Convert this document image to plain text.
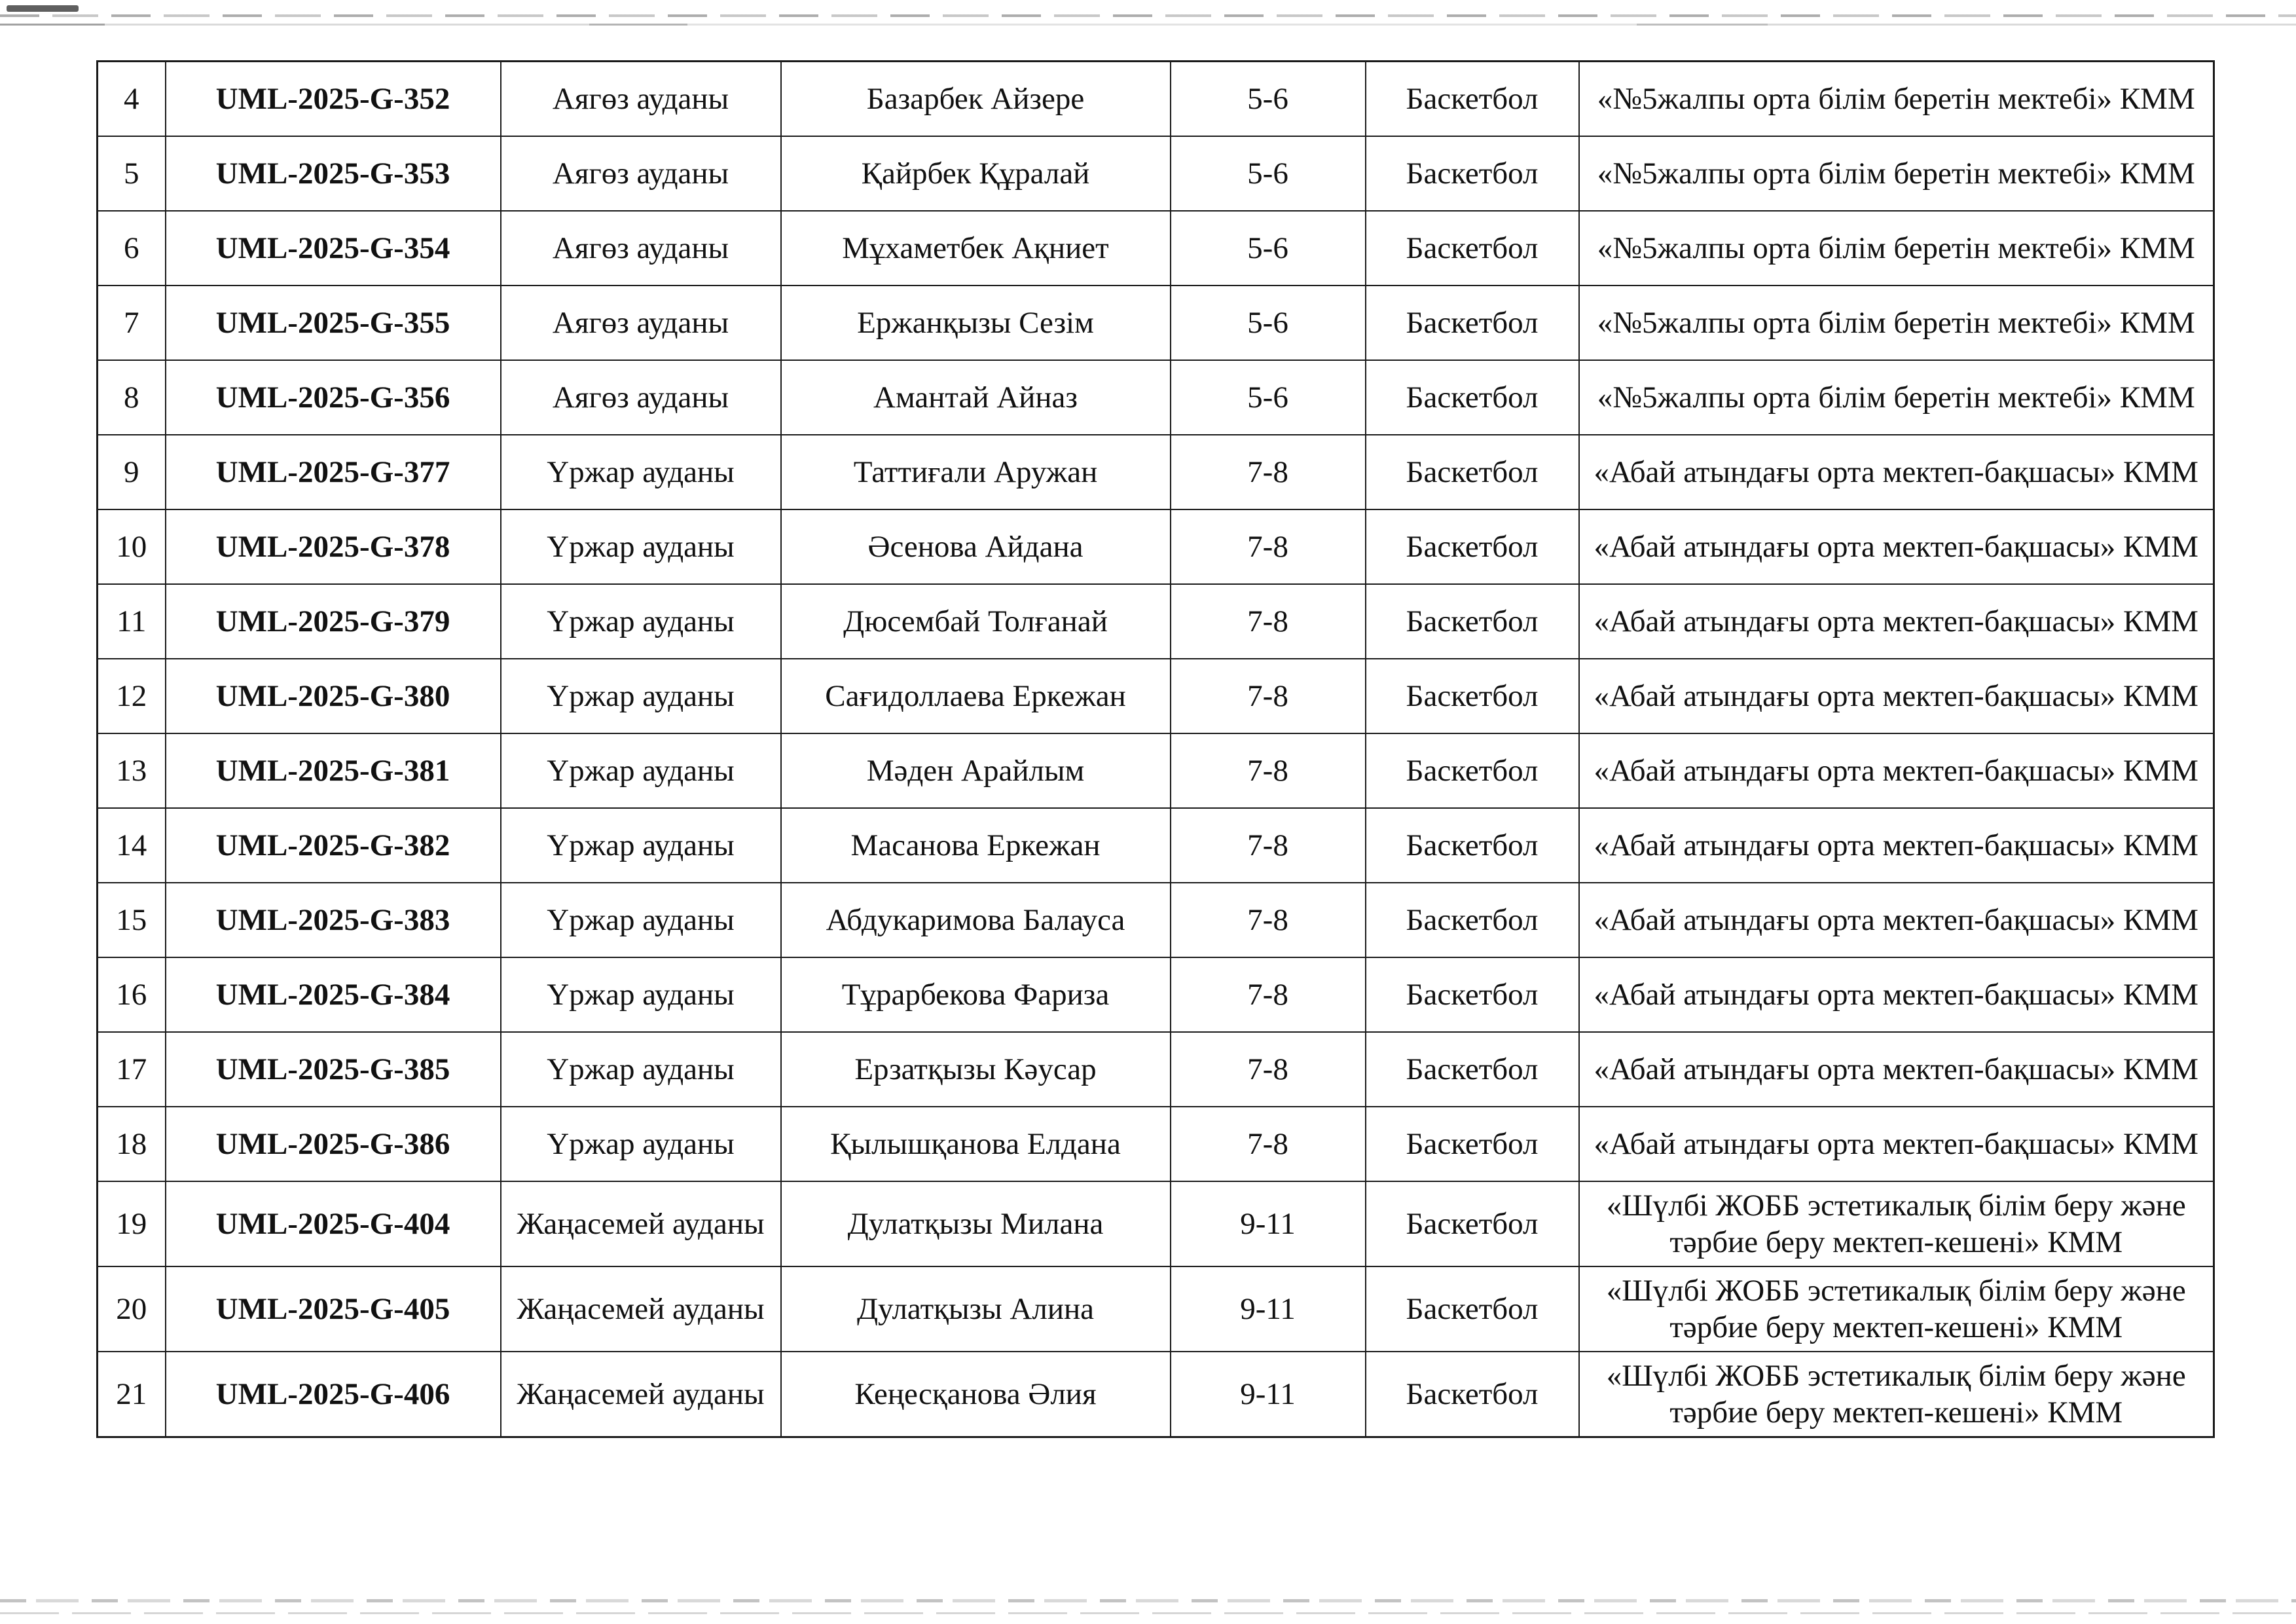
4	UML-2025-G-352	Аягөз ауданы	Базарбек Айзере	5-6	Баскетбол	«№5жалпы орта білім беретін мектебі» КММ
5	UML-2025-G-353	Аягөз ауданы	Қайрбек Құралай	5-6	Баскетбол	«№5жалпы орта білім беретін мектебі» КММ
6	UML-2025-G-354	Аягөз ауданы	Мұхаметбек Ақниет	5-6	Баскетбол	«№5жалпы орта білім беретін мектебі» КММ
7	UML-2025-G-355	Аягөз ауданы	Ержанқызы Сезім	5-6	Баскетбол	«№5жалпы орта білім беретін мектебі» КММ
8	UML-2025-G-356	Аягөз ауданы	Амантай Айназ	5-6	Баскетбол	«№5жалпы орта білім беретін мектебі» КММ
9	UML-2025-G-377	Үржар ауданы	Таттиғали Аружан	7-8	Баскетбол	«Абай атындағы орта мектеп-бақшасы» КММ
10	UML-2025-G-378	Үржар ауданы	Әсенова Айдана	7-8	Баскетбол	«Абай атындағы орта мектеп-бақшасы» КММ
11	UML-2025-G-379	Үржар ауданы	Дюсембай Толғанай	7-8	Баскетбол	«Абай атындағы орта мектеп-бақшасы» КММ
12	UML-2025-G-380	Үржар ауданы	Сағидоллаева Еркежан	7-8	Баскетбол	«Абай атындағы орта мектеп-бақшасы» КММ
13	UML-2025-G-381	Үржар ауданы	Мәден Арайлым	7-8	Баскетбол	«Абай атындағы орта мектеп-бақшасы» КММ
14	UML-2025-G-382	Үржар ауданы	Масанова Еркежан	7-8	Баскетбол	«Абай атындағы орта мектеп-бақшасы» КММ
15	UML-2025-G-383	Үржар ауданы	Абдукаримова Балауса	7-8	Баскетбол	«Абай атындағы орта мектеп-бақшасы» КММ
16	UML-2025-G-384	Үржар ауданы	Тұрарбекова Фариза	7-8	Баскетбол	«Абай атындағы орта мектеп-бақшасы» КММ
17	UML-2025-G-385	Үржар ауданы	Ерзатқызы Кәусар	7-8	Баскетбол	«Абай атындағы орта мектеп-бақшасы» КММ
18	UML-2025-G-386	Үржар ауданы	Қылышқанова Елдана	7-8	Баскетбол	«Абай атындағы орта мектеп-бақшасы» КММ
19	UML-2025-G-404	Жаңасемей ауданы	Дулатқызы Милана	9-11	Баскетбол	«Шүлбі ЖОББ эстетикалық білім беру және тәрбие беру мектеп-кешені» КММ
20	UML-2025-G-405	Жаңасемей ауданы	Дулатқызы Алина	9-11	Баскетбол	«Шүлбі ЖОББ эстетикалық білім беру және тәрбие беру мектеп-кешені» КММ
21	UML-2025-G-406	Жаңасемей ауданы	Кеңесқанова Әлия	9-11	Баскетбол	«Шүлбі ЖОББ эстетикалық білім беру және тәрбие беру мектеп-кешені» КММ
